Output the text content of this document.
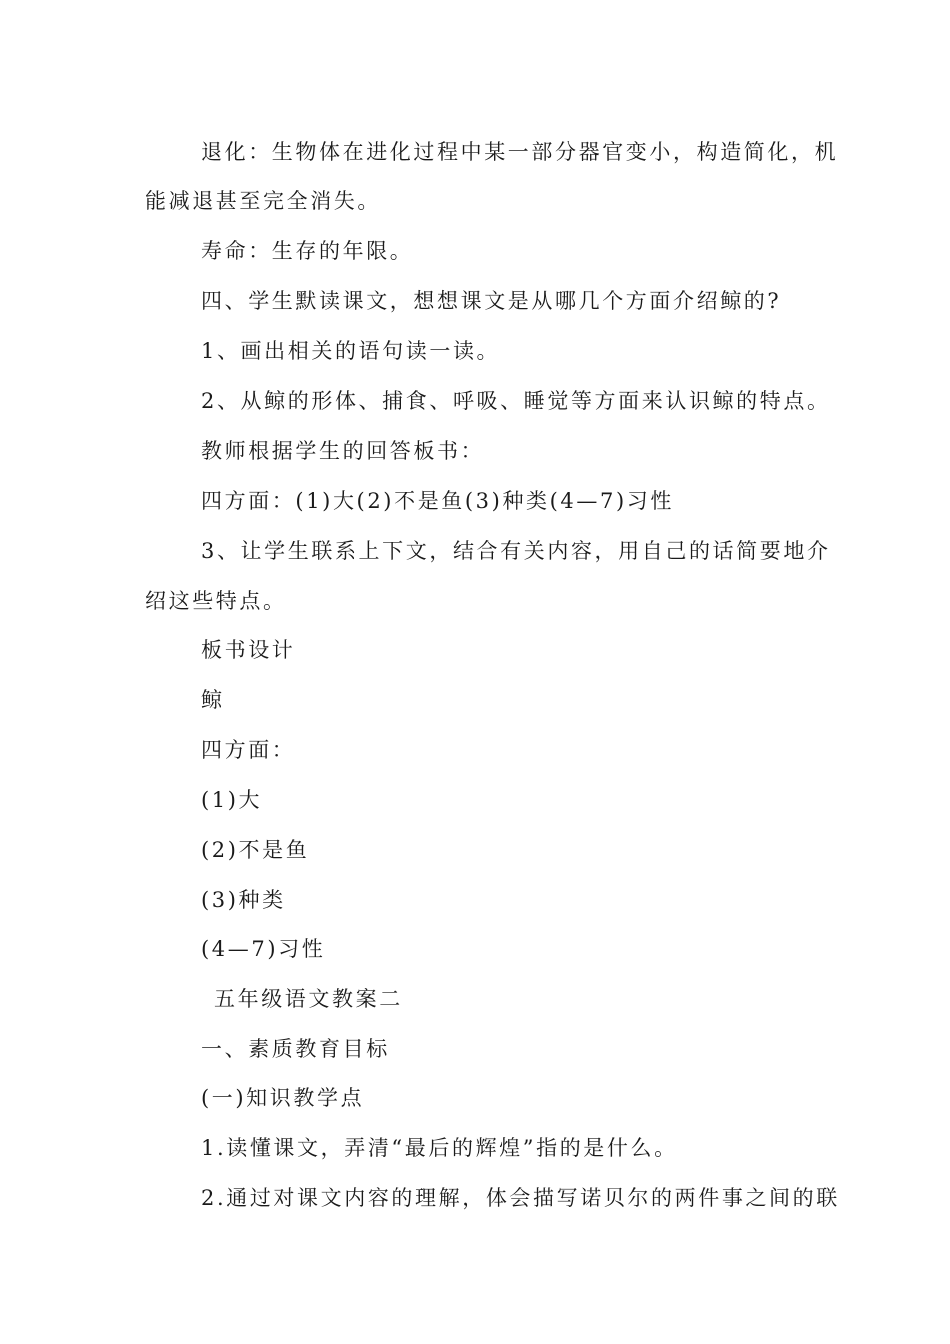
退化：生物体在进化过程中某一部分器官变小，构造简化，机
能减退甚至完全消失。
寿命：生存的年限。
四、学生默读课文，想想课文是从哪几个方面介绍鲸的?
1、画出相关的语句读一读。
2、从鲸的形体、捕食、呼吸、睡觉等方面来认识鲸的特点。
教师根据学生的回答板书：
四方面：(1)大(2)不是鱼(3)种类(4—7)习性
3、让学生联系上下文，结合有关内容，用自己的话简要地介
绍这些特点。
板书设计
鲸
四方面：
(1)大
(2)不是鱼
(3)种类
(4—7)习性
五年级语文教案二
一、素质教育目标
(一)知识教学点
1.读懂课文，弄清“最后的辉煌”指的是什么。
2.通过对课文内容的理解，体会描写诺贝尔的两件事之间的联
